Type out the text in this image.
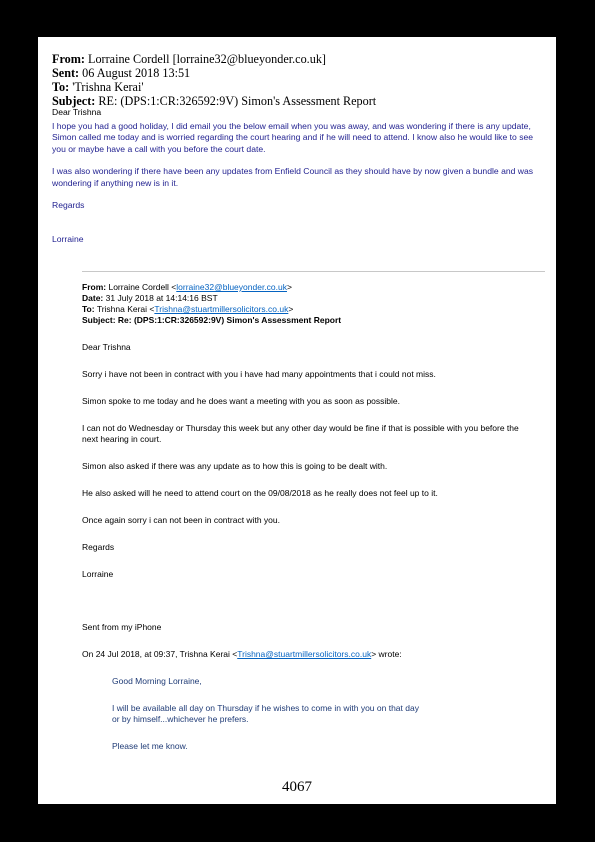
From: Lorraine Cordell [lorraine32@blueyonder.co.uk]
Sent: 06 August 2018 13:51
To: 'Trishna Kerai'
Subject: RE: (DPS:1:CR:326592:9V) Simon's Assessment Report

Dear Trishna

I hope you had a good holiday, I did email you the below email when you was away, and was wondering if there is any update, Simon called me today and is worried regarding the court hearing and if he will need to attend. I know also he would like to see you or maybe have a call with you before the court date.

I was also wondering if there have been any updates from Enfield Council as they should have by now given a bundle and was wondering if anything new is in it.

Regards

Lorraine

From: Lorraine Cordell <lorraine32@blueyonder.co.uk>
Date: 31 July 2018 at 14:14:16 BST
To: Trishna Kerai <Trishna@stuartmillersolicitors.co.uk>
Subject: Re: (DPS:1:CR:326592:9V) Simon's Assessment Report

Dear Trishna

Sorry i have not been in contract with you i have had many appointments that i could not miss.

Simon spoke to me today and he does want a meeting with you as soon as possible.

I can not do Wednesday or Thursday this week but any other day would be fine if that is possible with you before the next hearing in court.

Simon also asked if there was any update as to how this is going to be dealt with.

He also asked will he need to attend court on the 09/08/2018 as he really does not feel up to it.

Once again sorry i can not been in contract with you.

Regards

Lorraine

Sent from my iPhone

On 24 Jul 2018, at 09:37, Trishna Kerai <Trishna@stuartmillersolicitors.co.uk> wrote:

Good Morning Lorraine,

I will be available all day on Thursday if he wishes to come in with you on that day
or by himself...whichever he prefers.

Please let me know.

4067
